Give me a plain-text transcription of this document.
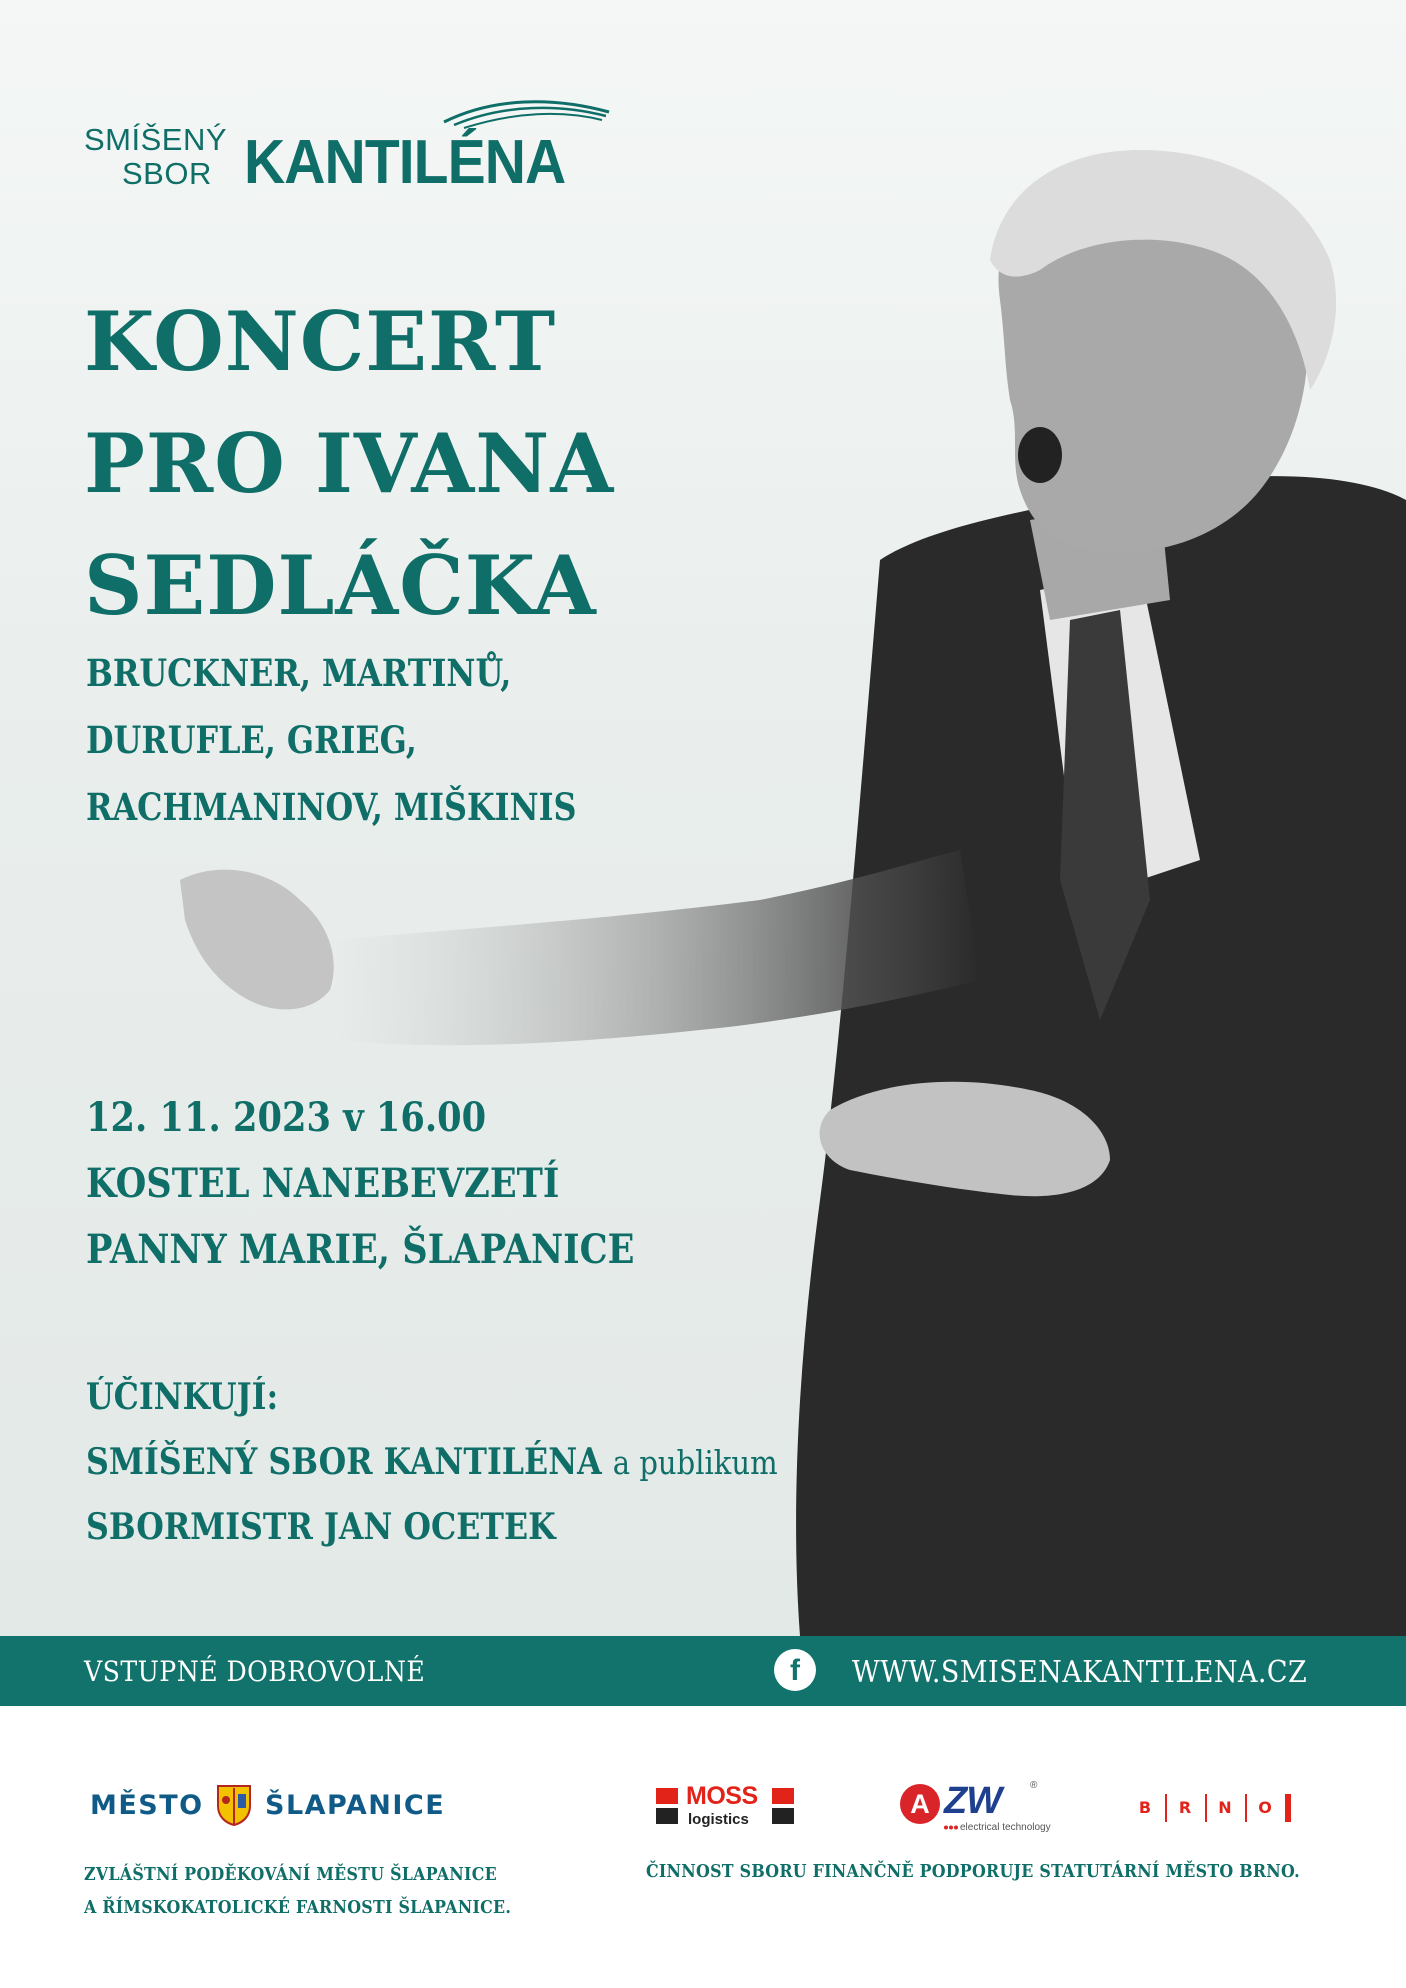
SMÍŠENÝ
SBOR KANTILÉNA
KONCERT
PRO IVANA
SEDLÁČKA
BRUCKNER, MARTINŮ,
DURUFLE, GRIEG,
RACHMANINOV, MIŠKINIS
12. 11. 2023 v 16.00
KOSTEL NANEBEVZETÍ
PANNY MARIE, ŠLAPANICE
ÚČINKUJÍ:
SMÍŠENÝ SBOR KANTILÉNA a publikum
SBORMISTR JAN OCETEK
VSTUPNÉ DOBROVOLNÉ	f	WWW.SMISENAKANTILENA.CZ
MĚSTO ŠLAPANICE
ZVLÁŠTNÍ PODĚKOVÁNÍ MĚSTU ŠLAPANICE
A ŘÍMSKOKATOLICKÉ FARNOSTI ŠLAPANICE.
MOSS
logistics
A ZW	®
electrical technology
B R N O
ČINNOST SBORU FINANČNĚ PODPORUJE STATUTÁRNÍ MĚSTO BRNO.
